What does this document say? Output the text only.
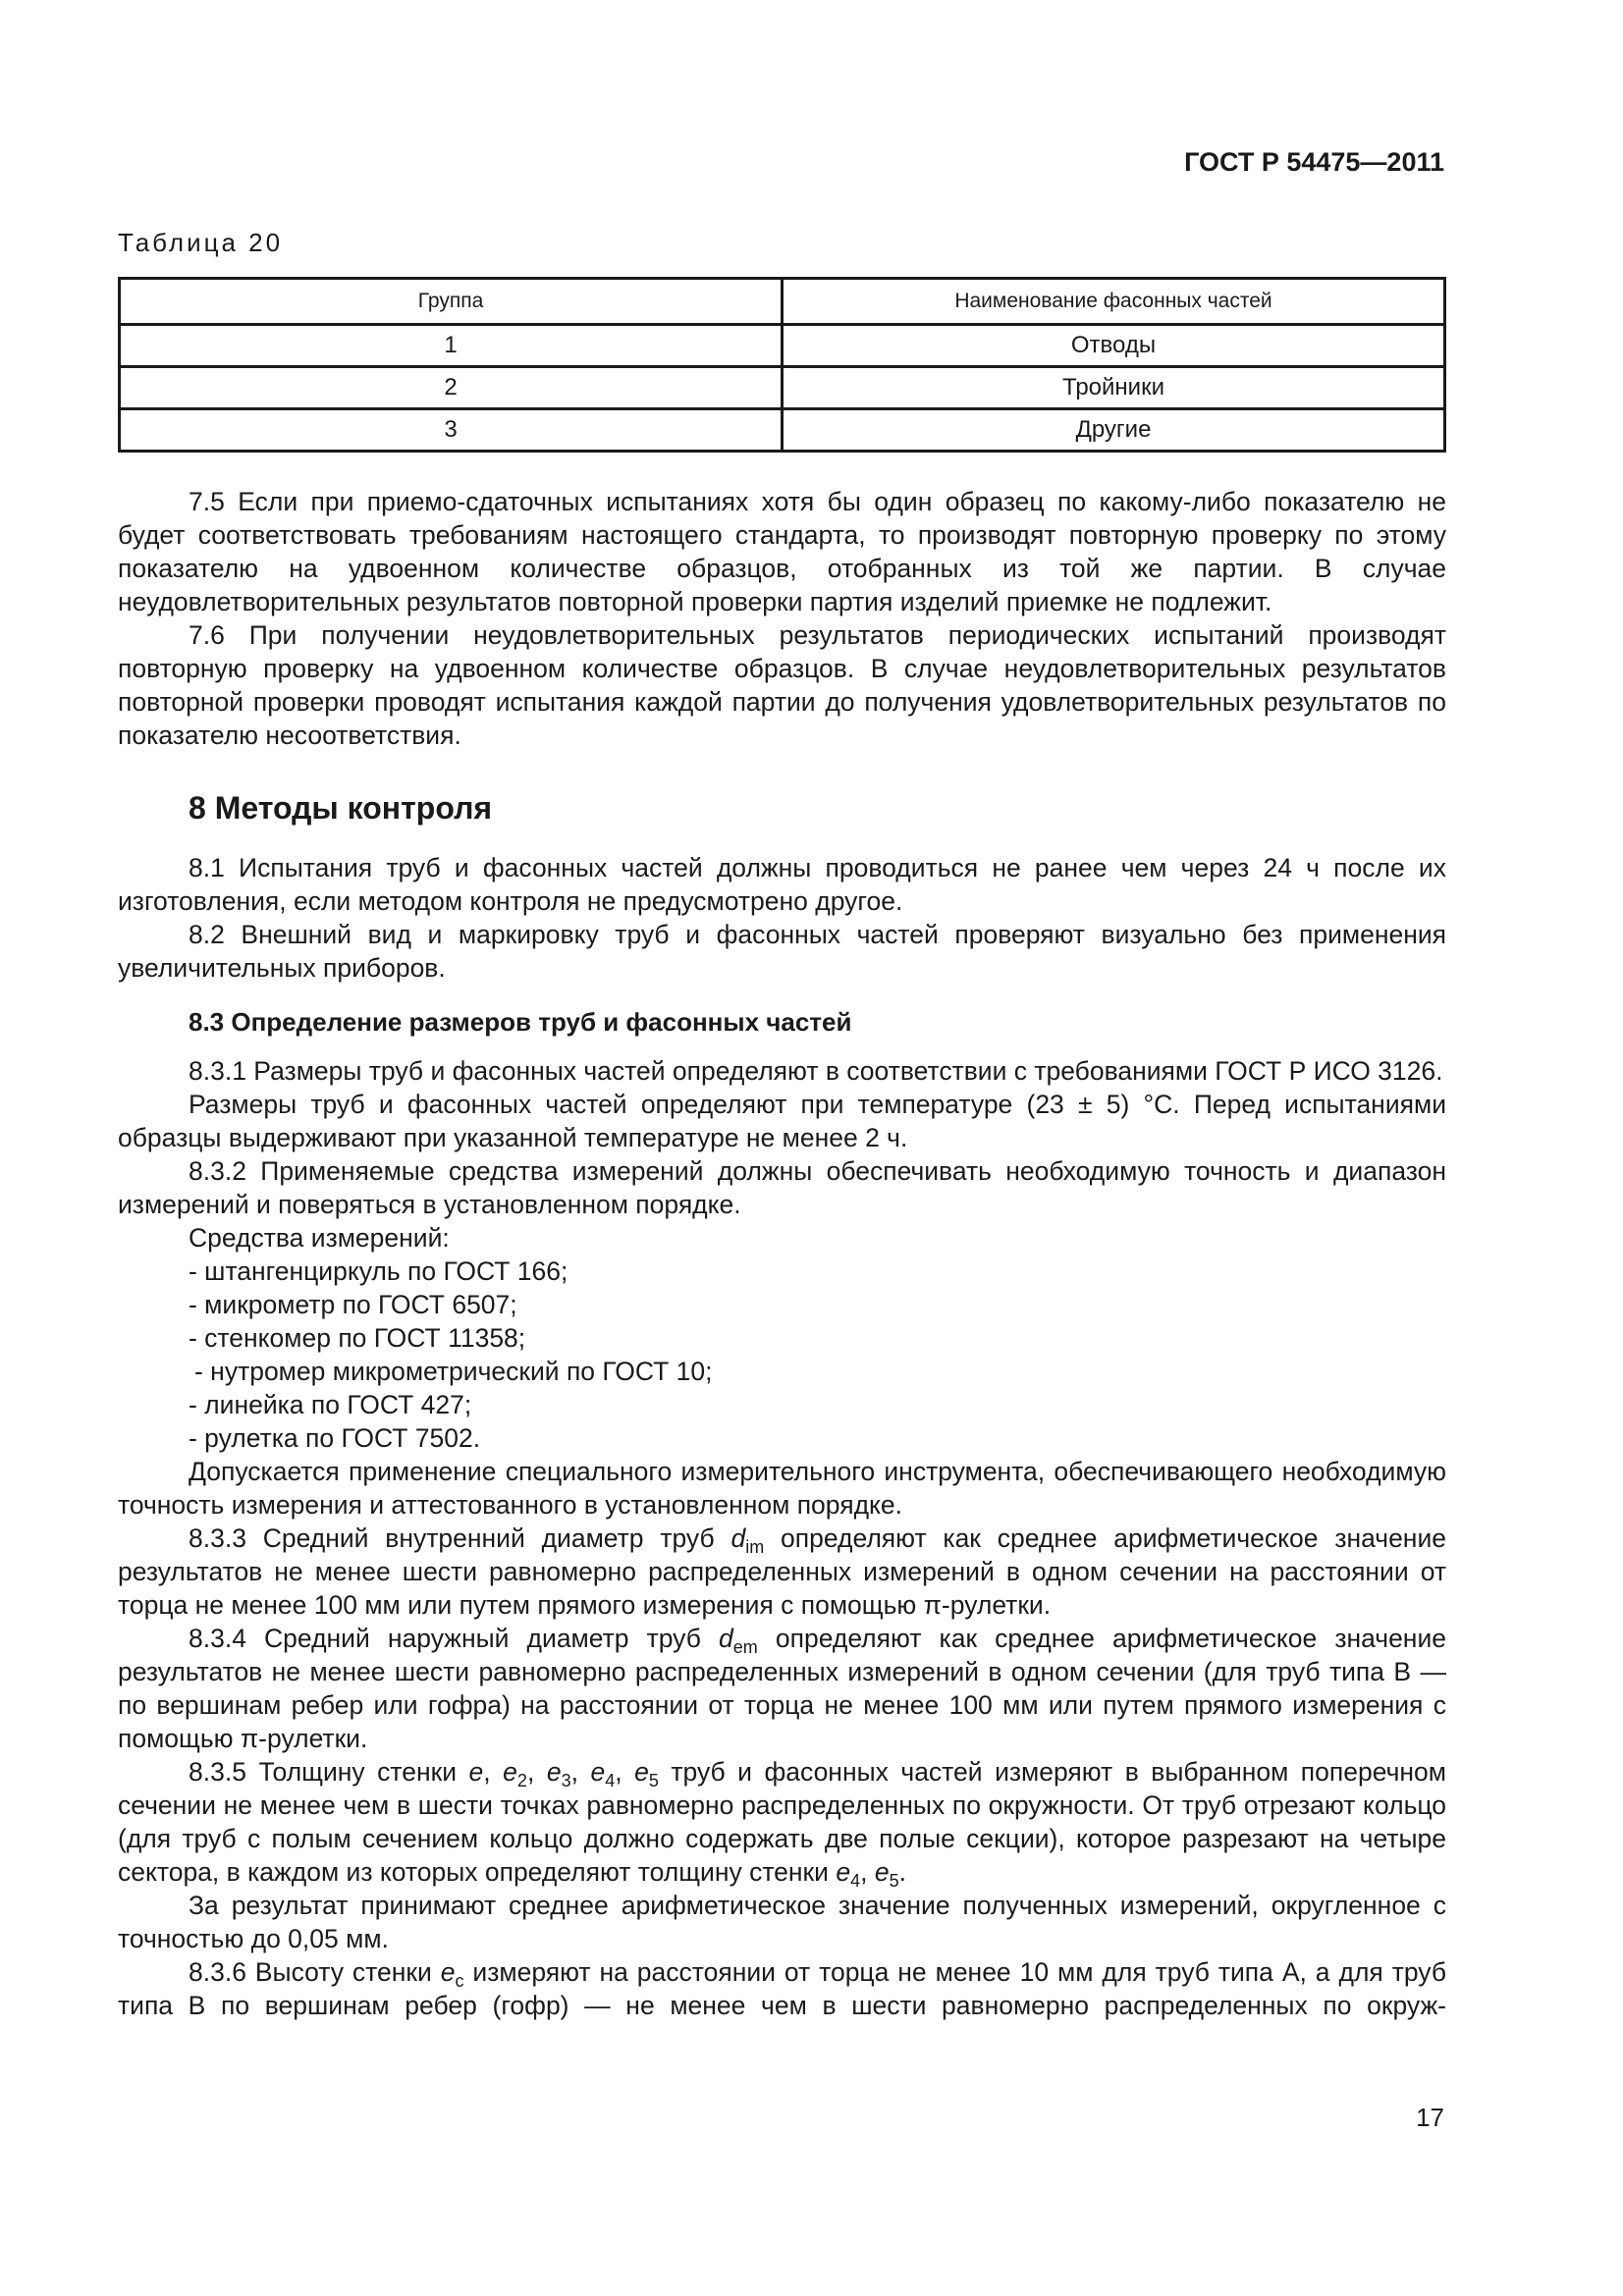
ГОСТ Р 54475—2011
Таблица 20
Группа	Наименование фасонных частей
1	Отводы
2	Тройники
3	Другие

7.5 Если при приемо-сдаточных испытаниях хотя бы один образец по какому-либо показателю не будет соответствовать требованиям настоящего стандарта, то производят повторную проверку по этому показателю на удвоенном количестве образцов, отобранных из той же партии. В случае неудовлетворительных результатов повторной проверки партия изделий приемке не подлежит.

7.6 При получении неудовлетворительных результатов периодических испытаний производят повторную проверку на удвоенном количестве образцов. В случае неудовлетворительных результатов повторной проверки проводят испытания каждой партии до получения удовлетворительных результатов по показателю несоответствия.

8 Методы контроля

8.1 Испытания труб и фасонных частей должны проводиться не ранее чем через 24 ч после их изготовления, если методом контроля не предусмотрено другое.

8.2 Внешний вид и маркировку труб и фасонных частей проверяют визуально без применения увеличительных приборов.

8.3 Определение размеров труб и фасонных частей

8.3.1 Размеры труб и фасонных частей определяют в соответствии с требованиями ГОСТ Р ИСО 3126.

Размеры труб и фасонных частей определяют при температуре (23 ± 5) °С. Перед испытаниями образцы выдерживают при указанной температуре не менее 2 ч.

8.3.2 Применяемые средства измерений должны обеспечивать необходимую точность и диапазон измерений и поверяться в установленном порядке.

Средства измерений:

- штангенциркуль по ГОСТ 166;

- микрометр по ГОСТ 6507;

- стенкомер по ГОСТ 11358;

- нутромер микрометрический по ГОСТ 10;

- линейка по ГОСТ 427;

- рулетка по ГОСТ 7502.

Допускается применение специального измерительного инструмента, обеспечивающего необходимую точность измерения и аттестованного в установленном порядке.

8.3.3 Средний внутренний диаметр труб $d_{im}$ определяют как среднее арифметическое значение результатов не менее шести равномерно распределенных измерений в одном сечении на расстоянии от торца не менее 100 мм или путем прямого измерения с помощью π-рулетки.

8.3.4 Средний наружный диаметр труб $d_{em}$ определяют как среднее арифметическое значение результатов не менее шести равномерно распределенных измерений в одном сечении (для труб типа В — по вершинам ребер или гофра) на расстоянии от торца не менее 100 мм или путем прямого измерения с помощью π-рулетки.

8.3.5 Толщину стенки e, $e_2$, $e_3$, $e_4$, $e_5$ труб и фасонных частей измеряют в выбранном поперечном сечении не менее чем в шести точках равномерно распределенных по окружности. От труб отрезают кольцо (для труб с полым сечением кольцо должно содержать две полые секции), которое разрезают на четыре сектора, в каждом из которых определяют толщину стенки $e_4$, $e_5$.

За результат принимают среднее арифметическое значение полученных измерений, округленное с точностью до 0,05 мм.

8.3.6 Высоту стенки $e_c$ измеряют на расстоянии от торца не менее 10 мм для труб типа А, а для труб типа В по вершинам ребер (гофр) — не менее чем в шести равномерно распределенных по окруж-

17
